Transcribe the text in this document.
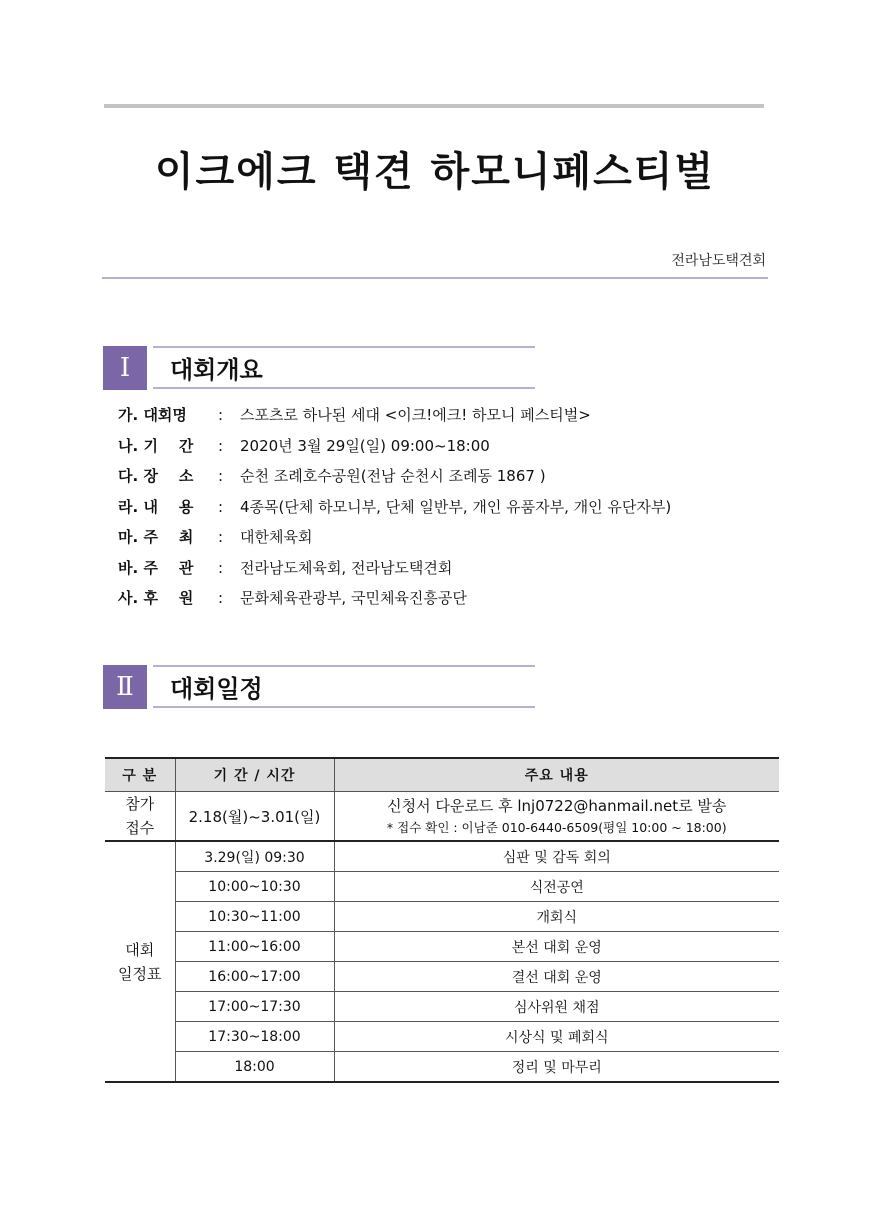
이크에크 택견 하모니페스티벌
전라남도택견회
Ⅰ	대회개요
가. 대회명	: 스포츠로 하나된 세대 <이크!에크! 하모니 페스티벌>
나. 기 간	: 2020년 3월 29일(일) 09:00~18:00
다. 장 소	: 순천 조례호수공원(전남 순천시 조례동 1867 )
라. 내 용	: 4종목(단체 하모니부, 단체 일반부, 개인 유품자부, 개인 유단자부)
마. 주 최	: 대한체육회
바. 주 관	: 전라남도체육회, 전라남도택견회
사. 후 원	: 문화체육관광부, 국민체육진흥공단
Ⅱ	대회일정
구 분	기 간 / 시간	주요 내용

참가
접수	2.18(월)~3.01(일)	신청서 다운로드 후 lnj0722@hanmail.net로 발송
* 접수 확인 : 이남준 010-6440-6509(평일 10:00 ~ 18:00)

대회
일정표	3.29(일) 09:30	심판 및 감독 회의
	10:00~10:30	식전공연
	10:30~11:00	개회식
	11:00~16:00	본선 대회 운영
	16:00~17:00	결선 대회 운영
	17:00~17:30	심사위원 채점
	17:30~18:00	시상식 및 폐회식
	18:00	정리 및 마무리
